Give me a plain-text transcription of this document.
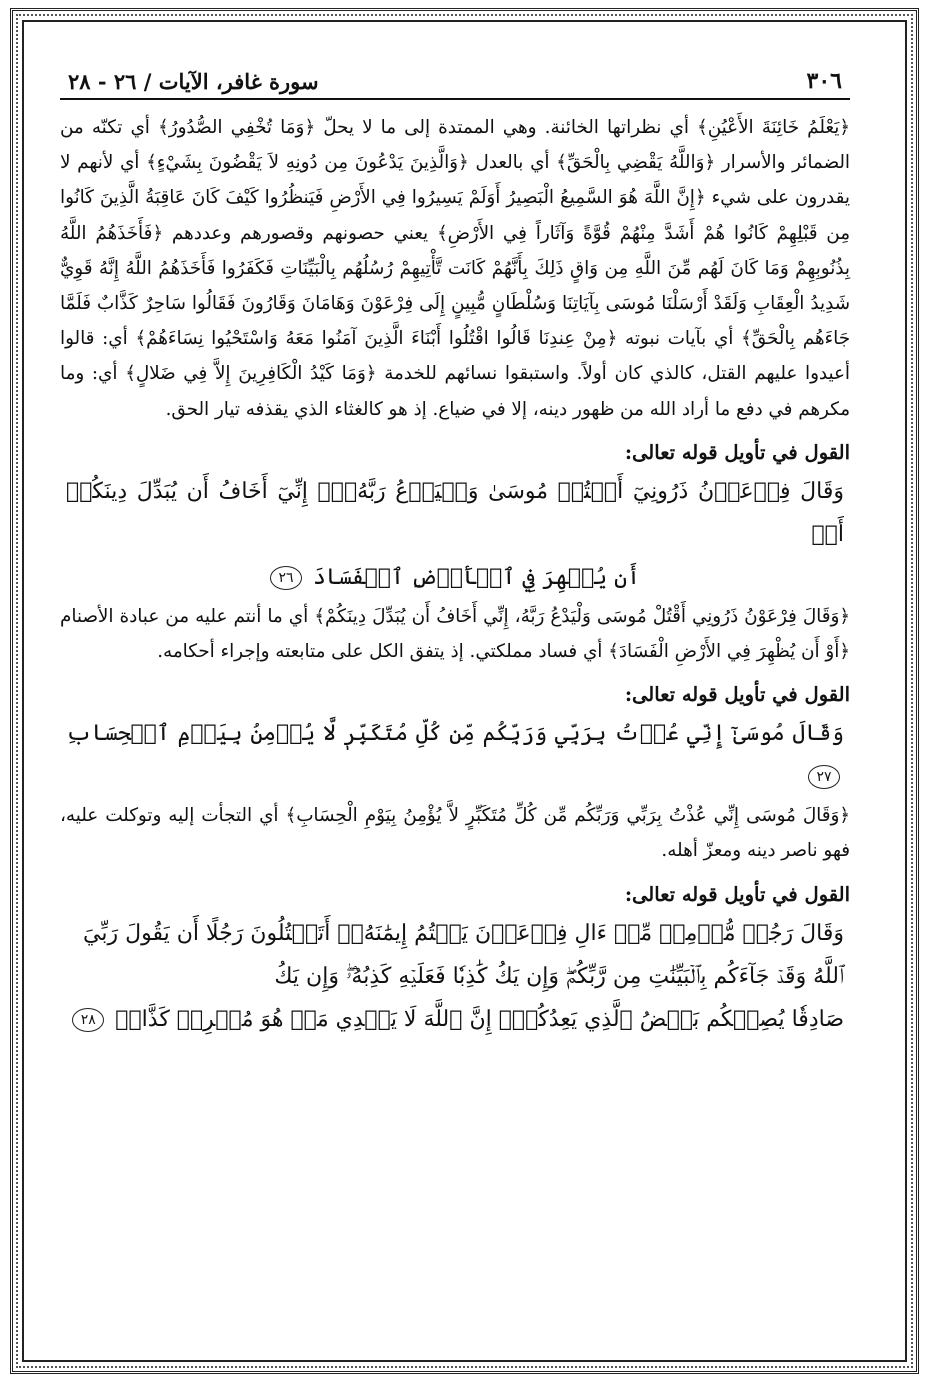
٣٠٦
سورة غافر، الآيات / ٢٦ - ٢٨

﴿يَعْلَمُ خَائِنَةَ الأَعْيُنِ﴾ أي نظراتها الخائنة. وهي الممتدة إلى ما لا يحلّ ﴿وَمَا تُخْفِي الصُّدُورُ﴾ أي تكنّه من الضمائر والأسرار ﴿وَاللَّهُ يَقْضِي بِالْحَقِّ﴾ أي بالعدل ﴿وَالَّذِينَ يَدْعُونَ مِن دُونِهِ لاَ يَقْضُونَ بِشَيْءٍ﴾ أي لأنهم لا يقدرون على شيء ﴿إِنَّ اللَّهَ هُوَ السَّمِيعُ الْبَصِيرُ أَوَلَمْ يَسِيرُوا فِي الأَرْضِ فَيَنظُرُوا كَيْفَ كَانَ عَاقِبَةُ الَّذِينَ كَانُوا مِن قَبْلِهِمْ كَانُوا هُمْ أَشَدَّ مِنْهُمْ قُوَّةً وَآثَاراً فِي الأَرْضِ﴾ يعني حصونهم وقصورهم وعددهم ﴿فَأَخَذَهُمُ اللَّهُ بِذُنُوبِهِمْ وَمَا كَانَ لَهُم مِّنَ اللَّهِ مِن وَاقٍ ذَلِكَ بِأَنَّهُمْ كَانَت تَّأْتِيهِمْ رُسُلُهُم بِالْبَيِّنَاتِ فَكَفَرُوا فَأَخَذَهُمُ اللَّهُ إِنَّهُ قَوِيٌّ شَدِيدُ الْعِقَابِ وَلَقَدْ أَرْسَلْنَا مُوسَى بِآيَاتِنَا وَسُلْطَانٍ مُّبِينٍ إِلَى فِرْعَوْنَ وَهَامَانَ وَقَارُونَ فَقَالُوا سَاحِرٌ كَذَّابٌ فَلَمَّا جَاءَهُم بِالْحَقِّ﴾ أي بآيات نبوته ﴿مِنْ عِندِنَا قَالُوا اقْتُلُوا أَبْنَاءَ الَّذِينَ آمَنُوا مَعَهُ وَاسْتَحْيُوا نِسَاءَهُمْ﴾ أي: قالوا أعيدوا عليهم القتل، كالذي كان أولاً. واستبقوا نسائهم للخدمة ﴿وَمَا كَيْدُ الْكَافِرِينَ إِلاَّ فِي ضَلالٍ﴾ أي: وما مكرهم في دفع ما أراد الله من ظهور دينه، إلا في ضياع. إذ هو كالغثاء الذي يقذفه تيار الحق.

القول في تأويل قوله تعالى:
وَقَالَ فِرۡعَوۡنُ ذَرُونِيٓ أَقۡتُلۡ مُوسَىٰ وَلۡيَدۡعُ رَبَّهُۥٓۖ إِنِّيٓ أَخَافُ أَن يُبَدِّلَ دِينَكُمۡ أَوۡ
أَن يُظۡهِرَ فِي ٱلۡأَرۡضِ ٱلۡفَسَادَ ٢٦

﴿وَقَالَ فِرْعَوْنُ ذَرُونِي أَقْتُلْ مُوسَى وَلْيَدْعُ رَبَّهُ، إِنِّي أَخَافُ أَن يُبَدِّلَ دِينَكُمْ﴾ أي ما أنتم عليه من عبادة الأصنام ﴿أَوْ أَن يُظْهِرَ فِي الأَرْضِ الْفَسَادَ﴾ أي فساد مملكتي. إذ يتفق الكل على متابعته وإجراء أحكامه.

القول في تأويل قوله تعالى:
وَقَالَ مُوسَىٰٓ إِنِّي عُذۡتُ بِرَبِّي وَرَبِّكُم مِّن كُلِّ مُتَكَبِّرٖ لَّا يُؤۡمِنُ بِيَوۡمِ ٱلۡحِسَابِ ٢٧

﴿وَقَالَ مُوسَى إِنِّي عُذْتُ بِرَبِّي وَرَبِّكُم مِّن كُلِّ مُتَكَبِّرٍ لاَّ يُؤْمِنُ بِيَوْمِ الْحِسَابِ﴾ أي التجأت إليه وتوكلت عليه، فهو ناصر دينه ومعزّ أهله.

القول في تأويل قوله تعالى:
وَقَالَ رَجُلٞ مُّؤۡمِنٞ مِّنۡ ءَالِ فِرۡعَوۡنَ يَكۡتُمُ إِيمَٰنَهُۥٓ أَتَقۡتُلُونَ رَجُلًا أَن يَقُولَ رَبِّيَ
ٱللَّهُ وَقَدۡ جَآءَكُم بِٱلۡبَيِّنَٰتِ مِن رَّبِّكُمۡۖ وَإِن يَكُ كَٰذِبٗا فَعَلَيۡهِ كَذِبُهُۥۖ وَإِن يَكُ
صَادِقٗا يُصِبۡكُم بَعۡضُ ٱلَّذِي يَعِدُكُمۡۖ إِنَّ ٱللَّهَ لَا يَهۡدِي مَنۡ هُوَ مُسۡرِفٞ كَذَّابٞ ٢٨
